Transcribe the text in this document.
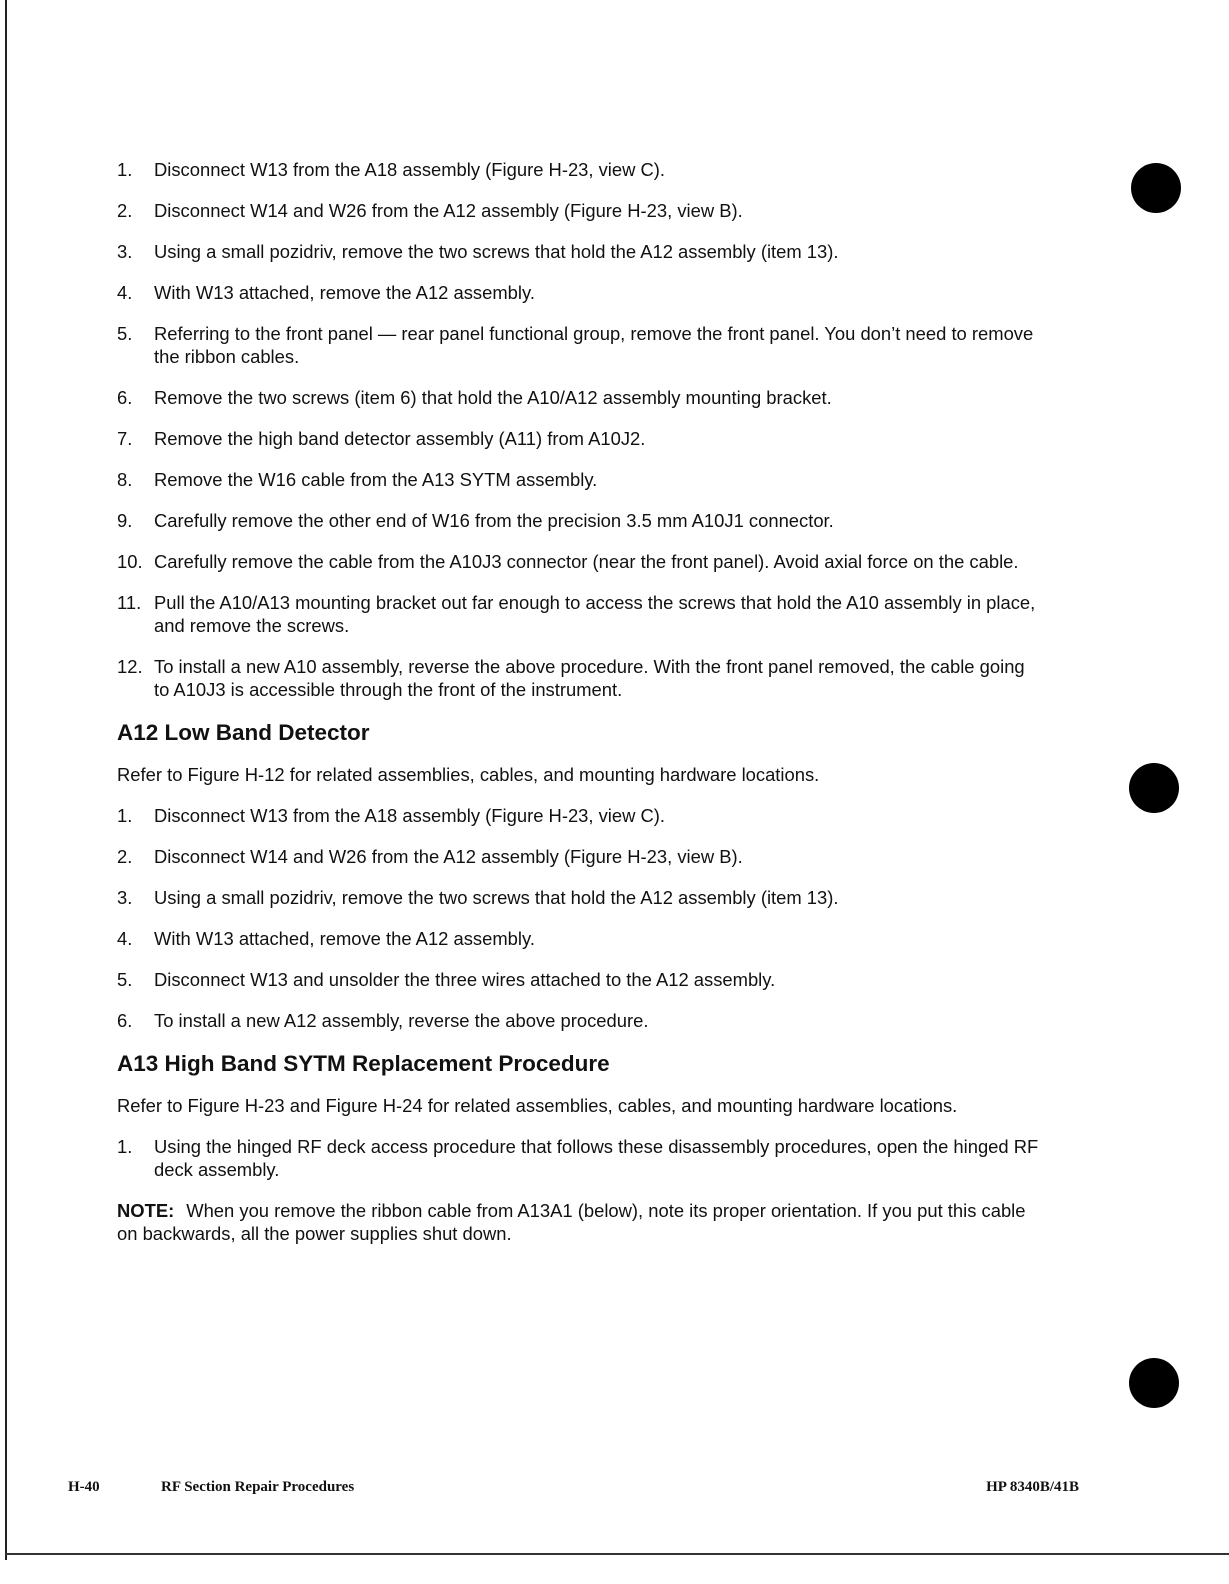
1. Disconnect W13 from the A18 assembly (Figure H-23, view C).
2. Disconnect W14 and W26 from the A12 assembly (Figure H-23, view B).
3. Using a small pozidriv, remove the two screws that hold the A12 assembly (item 13).
4. With W13 attached, remove the A12 assembly.
5. Referring to the front panel — rear panel functional group, remove the front panel. You don’t need to remove the ribbon cables.
6. Remove the two screws (item 6) that hold the A10/A12 assembly mounting bracket.
7. Remove the high band detector assembly (A11) from A10J2.
8. Remove the W16 cable from the A13 SYTM assembly.
9. Carefully remove the other end of W16 from the precision 3.5 mm A10J1 connector.
10. Carefully remove the cable from the A10J3 connector (near the front panel). Avoid axial force on the cable.
11. Pull the A10/A13 mounting bracket out far enough to access the screws that hold the A10 assembly in place, and remove the screws.
12. To install a new A10 assembly, reverse the above procedure. With the front panel removed, the cable going to A10J3 is accessible through the front of the instrument.
A12 Low Band Detector

Refer to Figure H-12 for related assemblies, cables, and mounting hardware locations.

1. Disconnect W13 from the A18 assembly (Figure H-23, view C).
2. Disconnect W14 and W26 from the A12 assembly (Figure H-23, view B).
3. Using a small pozidriv, remove the two screws that hold the A12 assembly (item 13).
4. With W13 attached, remove the A12 assembly.
5. Disconnect W13 and unsolder the three wires attached to the A12 assembly.
6. To install a new A12 assembly, reverse the above procedure.
A13 High Band SYTM Replacement Procedure

Refer to Figure H-23 and Figure H-24 for related assemblies, cables, and mounting hardware locations.

1. Using the hinged RF deck access procedure that follows these disassembly procedures, open the hinged RF deck assembly.

NOTE: When you remove the ribbon cable from A13A1 (below), note its proper orientation. If you put this cable on backwards, all the power supplies shut down.

H-40	RF Section Repair Procedures	HP 8340B/41B
